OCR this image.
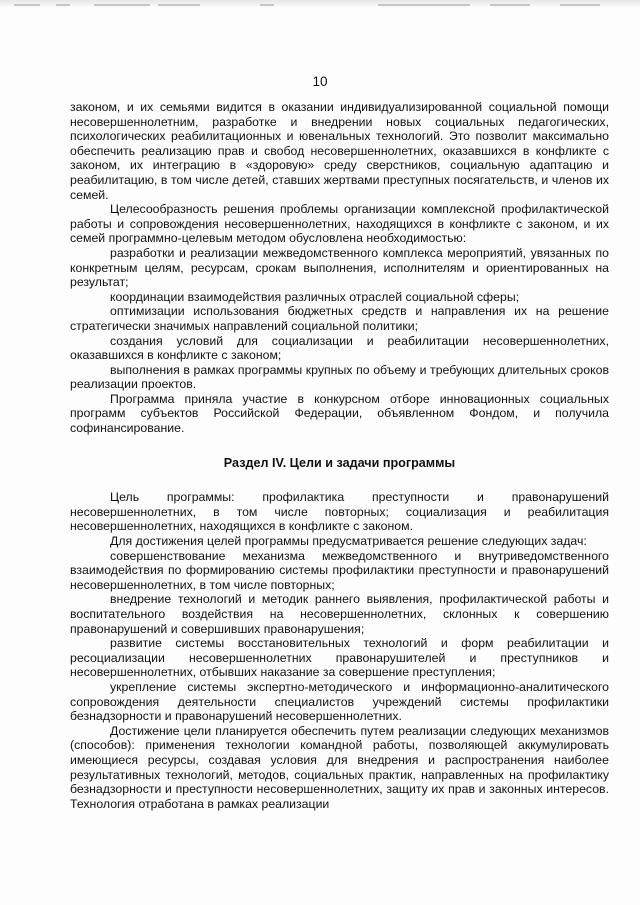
10

законом, и их семьями видится в оказании индивидуализированной социальной помощи несовершеннолетним, разработке и внедрении новых социальных педагогических, психологических реабилитационных и ювенальных технологий. Это позволит максимально обеспечить реализацию прав и свобод несовершеннолетних, оказавшихся в конфликте с законом, их интеграцию в «здоровую» среду сверстников, социальную адаптацию и реабилитацию, в том числе детей, ставших жертвами преступных посягательств, и членов их семей.

Целесообразность решения проблемы организации комплексной профилактической работы и сопровождения несовершеннолетних, находящихся в конфликте с законом, и их семей программно-целевым методом обусловлена необходимостью:

разработки и реализации межведомственного комплекса мероприятий, увязанных по конкретным целям, ресурсам, срокам выполнения, исполнителям и ориентированных на результат;

координации взаимодействия различных отраслей социальной сферы;

оптимизации использования бюджетных средств и направления их на решение стратегически значимых направлений социальной политики;

создания условий для социализации и реабилитации несовершеннолетних, оказавшихся в конфликте с законом;

выполнения в рамках программы крупных по объему и требующих длительных сроков реализации проектов.

Программа приняла участие в конкурсном отборе инновационных социальных программ субъектов Российской Федерации, объявленном Фондом, и получила софинансирование.

Раздел IV. Цели и задачи программы

Цель программы: профилактика преступности и правонарушений несовершеннолетних, в том числе повторных; социализация и реабилитация несовершеннолетних, находящихся в конфликте с законом.

Для достижения целей программы предусматривается решение следующих задач:

совершенствование механизма межведомственного и внутриведомственного взаимодействия по формированию системы профилактики преступности и правонарушений несовершеннолетних, в том числе повторных;

внедрение технологий и методик раннего выявления, профилактической работы и воспитательного воздействия на несовершеннолетних, склонных к совершению правонарушений и совершивших правонарушения;

развитие системы восстановительных технологий и форм реабилитации и ресоциализации несовершеннолетних правонарушителей и преступников и несовершеннолетних, отбывших наказание за совершение преступления;

укрепление системы экспертно-методического и информационно-аналитического сопровождения деятельности специалистов учреждений системы профилактики безнадзорности и правонарушений несовершеннолетних.

Достижение цели планируется обеспечить путем реализации следующих механизмов (способов): применения технологии командной работы, позволяющей аккумулировать имеющиеся ресурсы, создавая условия для внедрения и распространения наиболее результативных технологий, методов, социальных практик, направленных на профилактику безнадзорности и преступности несовершеннолетних, защиту их прав и законных интересов. Технология отработана в рамках реализации
